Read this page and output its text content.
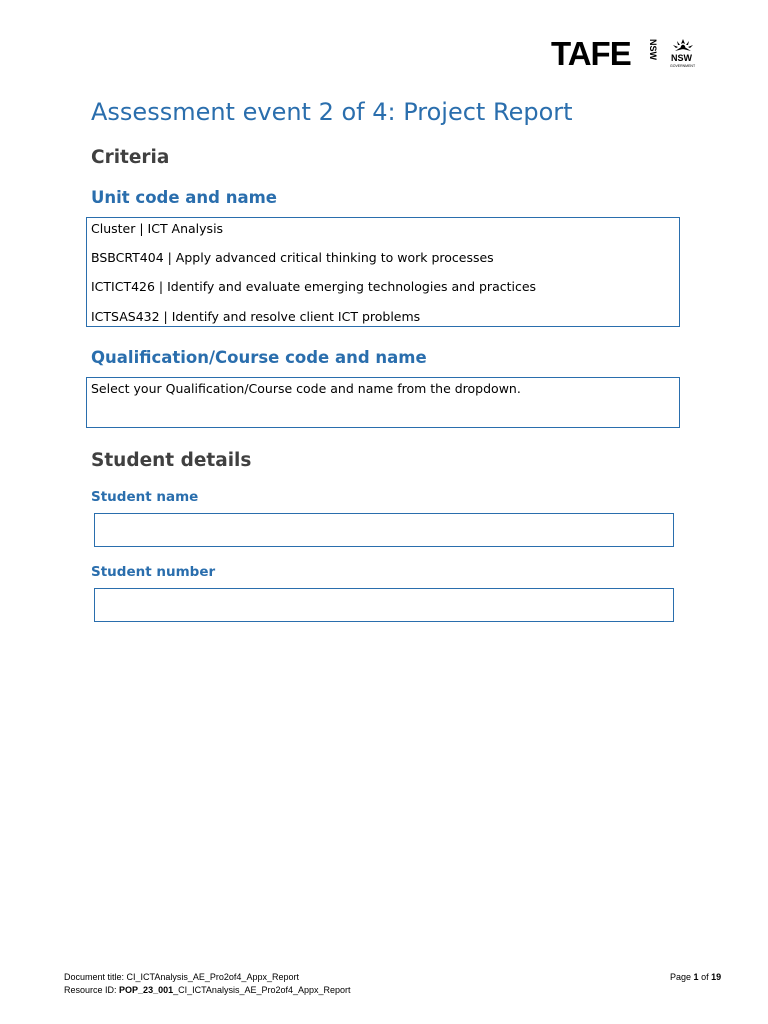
TAFE NSW NSW
GOVERNMENT
Assessment event 2 of 4: Project Report
Criteria
Unit code and name
Cluster | ICT Analysis
BSBCRT404 | Apply advanced critical thinking to work processes
ICTICT426 | Identify and evaluate emerging technologies and practices
ICTSAS432 | Identify and resolve client ICT problems
Qualification/Course code and name
Select your Qualification/Course code and name from the dropdown.
Student details
Student name
Student number
Document title: CI_ICTAnalysis_AE_Pro2of4_Appx_Report
Resource ID: POP_23_001_CI_ICTAnalysis_AE_Pro2of4_Appx_Report
Page 1 of 19
